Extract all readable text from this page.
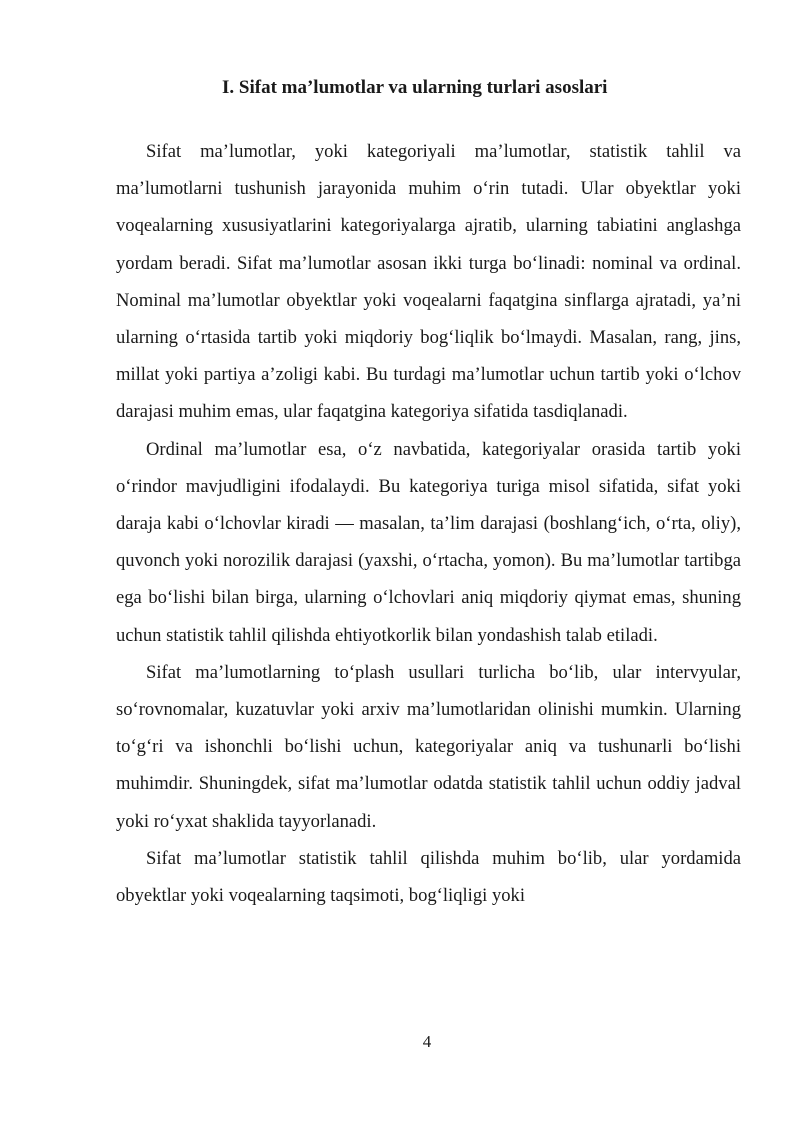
I. Sifat ma’lumotlar va ularning turlari asoslari

Sifat ma’lumotlar, yoki kategoriyali ma’lumotlar, statistik tahlil va ma’lumotlarni tushunish jarayonida muhim o‘rin tutadi. Ular obyektlar yoki voqealarning xususiyatlarini kategoriyalarga ajratib, ularning tabiatini anglashga yordam beradi. Sifat ma’lumotlar asosan ikki turga bo‘linadi: nominal va ordinal. Nominal ma’lumotlar obyektlar yoki voqealarni faqatgina sinflarga ajratadi, ya’ni ularning o‘rtasida tartib yoki miqdoriy bog‘liqlik bo‘lmaydi. Masalan, rang, jins, millat yoki partiya a’zoligi kabi. Bu turdagi ma’lumotlar uchun tartib yoki o‘lchov darajasi muhim emas, ular faqatgina kategoriya sifatida tasdiqlanadi.

Ordinal ma’lumotlar esa, o‘z navbatida, kategoriyalar orasida tartib yoki o‘rindor mavjudligini ifodalaydi. Bu kategoriya turiga misol sifatida, sifat yoki daraja kabi o‘lchovlar kiradi — masalan, ta’lim darajasi (boshlang‘ich, o‘rta, oliy), quvonch yoki norozilik darajasi (yaxshi, o‘rtacha, yomon). Bu ma’lumotlar tartibga ega bo‘lishi bilan birga, ularning o‘lchovlari aniq miqdoriy qiymat emas, shuning uchun statistik tahlil qilishda ehtiyotkorlik bilan yondashish talab etiladi.

Sifat ma’lumotlarning to‘plash usullari turlicha bo‘lib, ular intervyular, so‘rovnomalar, kuzatuvlar yoki arxiv ma’lumotlaridan olinishi mumkin. Ularning to‘g‘ri va ishonchli bo‘lishi uchun, kategoriyalar aniq va tushunarli bo‘lishi muhimdir. Shuningdek, sifat ma’lumotlar odatda statistik tahlil uchun oddiy jadval yoki ro‘yxat shaklida tayyorlanadi.

Sifat ma’lumotlar statistik tahlil qilishda muhim bo‘lib, ular yordamida obyektlar yoki voqealarning taqsimoti, bog‘liqligi yoki

4
